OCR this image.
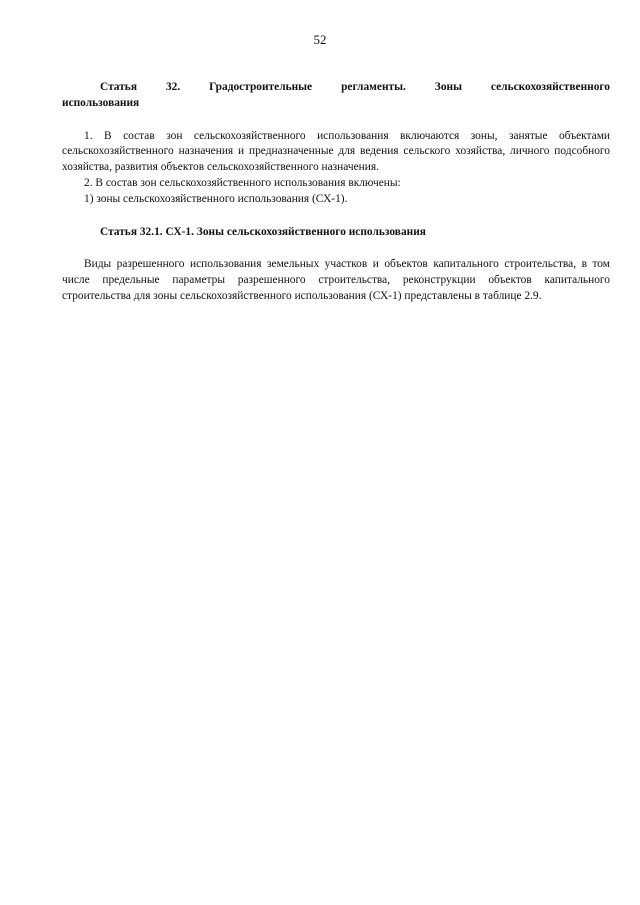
52

Статья 32. Градостроительные регламенты. Зоны сельскохозяйственного использования

1. В состав зон сельскохозяйственного использования включаются зоны, занятые объектами сельскохозяйственного назначения и предназначенные для ведения сельского хозяйства, личного подсобного хозяйства, развития объектов сельскохозяйственного назначения.

2. В состав зон сельскохозяйственного использования включены:

1) зоны сельскохозяйственного использования (СХ-1).

Статья 32.1. СХ-1. Зоны сельскохозяйственного использования

Виды разрешенного использования земельных участков и объектов капитального строительства, в том числе предельные параметры разрешенного строительства, реконструкции объектов капитального строительства для зоны сельскохозяйственного использования (СХ-1) представлены в таблице 2.9.
